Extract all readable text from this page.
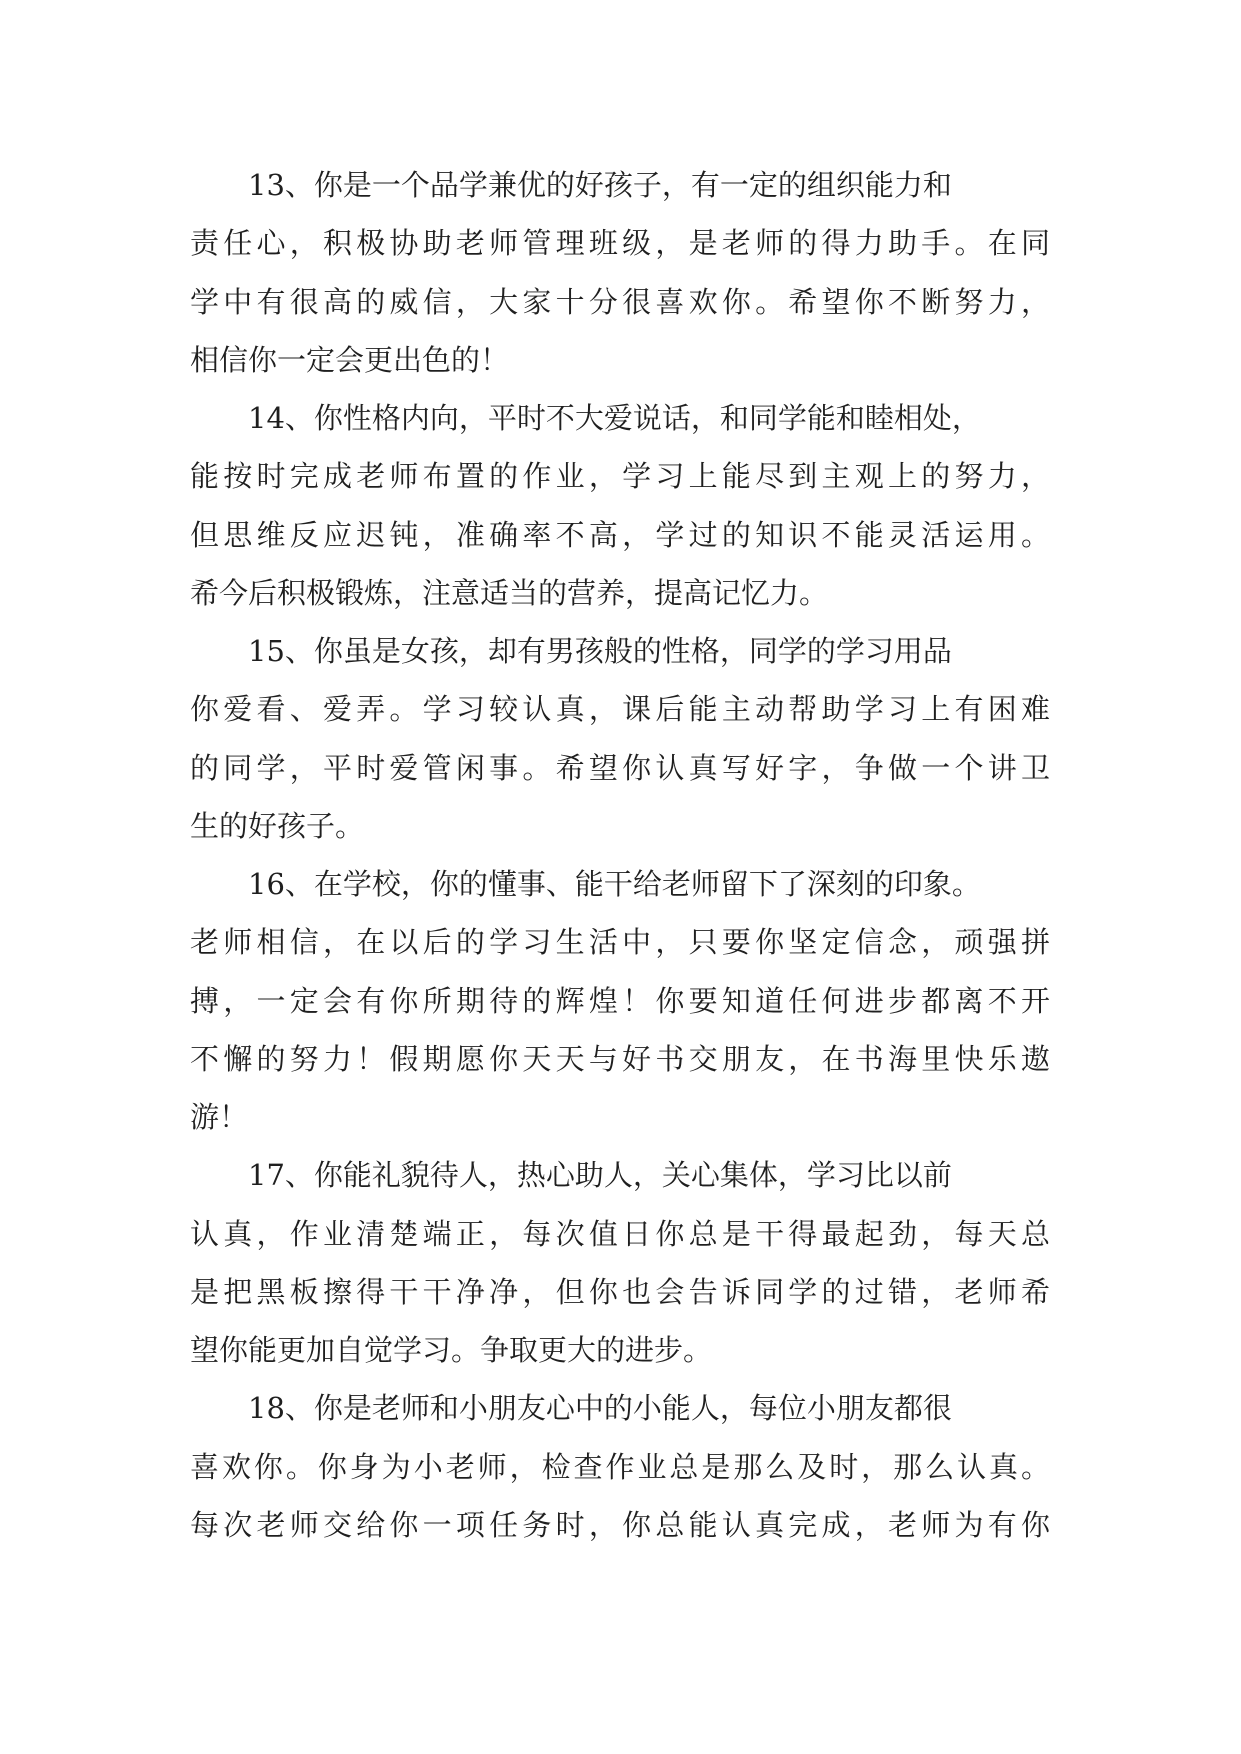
13、你是一个品学兼优的好孩子，有一定的组织能力和
责任心，积极协助老师管理班级，是老师的得力助手。在同
学中有很高的威信，大家十分很喜欢你。希望你不断努力，
相信你一定会更出色的！
14、你性格内向，平时不大爱说话，和同学能和睦相处，
能按时完成老师布置的作业，学习上能尽到主观上的努力，
但思维反应迟钝，准确率不高，学过的知识不能灵活运用。
希今后积极锻炼，注意适当的营养，提高记忆力。
15、你虽是女孩，却有男孩般的性格，同学的学习用品
你爱看、爱弄。学习较认真，课后能主动帮助学习上有困难
的同学，平时爱管闲事。希望你认真写好字，争做一个讲卫
生的好孩子。
16、在学校，你的懂事、能干给老师留下了深刻的印象。
老师相信，在以后的学习生活中，只要你坚定信念，顽强拼
搏，一定会有你所期待的辉煌！你要知道任何进步都离不开
不懈的努力！假期愿你天天与好书交朋友，在书海里快乐遨
游！
17、你能礼貌待人，热心助人，关心集体，学习比以前
认真，作业清楚端正，每次值日你总是干得最起劲，每天总
是把黑板擦得干干净净，但你也会告诉同学的过错，老师希
望你能更加自觉学习。争取更大的进步。
18、你是老师和小朋友心中的小能人，每位小朋友都很
喜欢你。你身为小老师，检查作业总是那么及时，那么认真。
每次老师交给你一项任务时，你总能认真完成，老师为有你
